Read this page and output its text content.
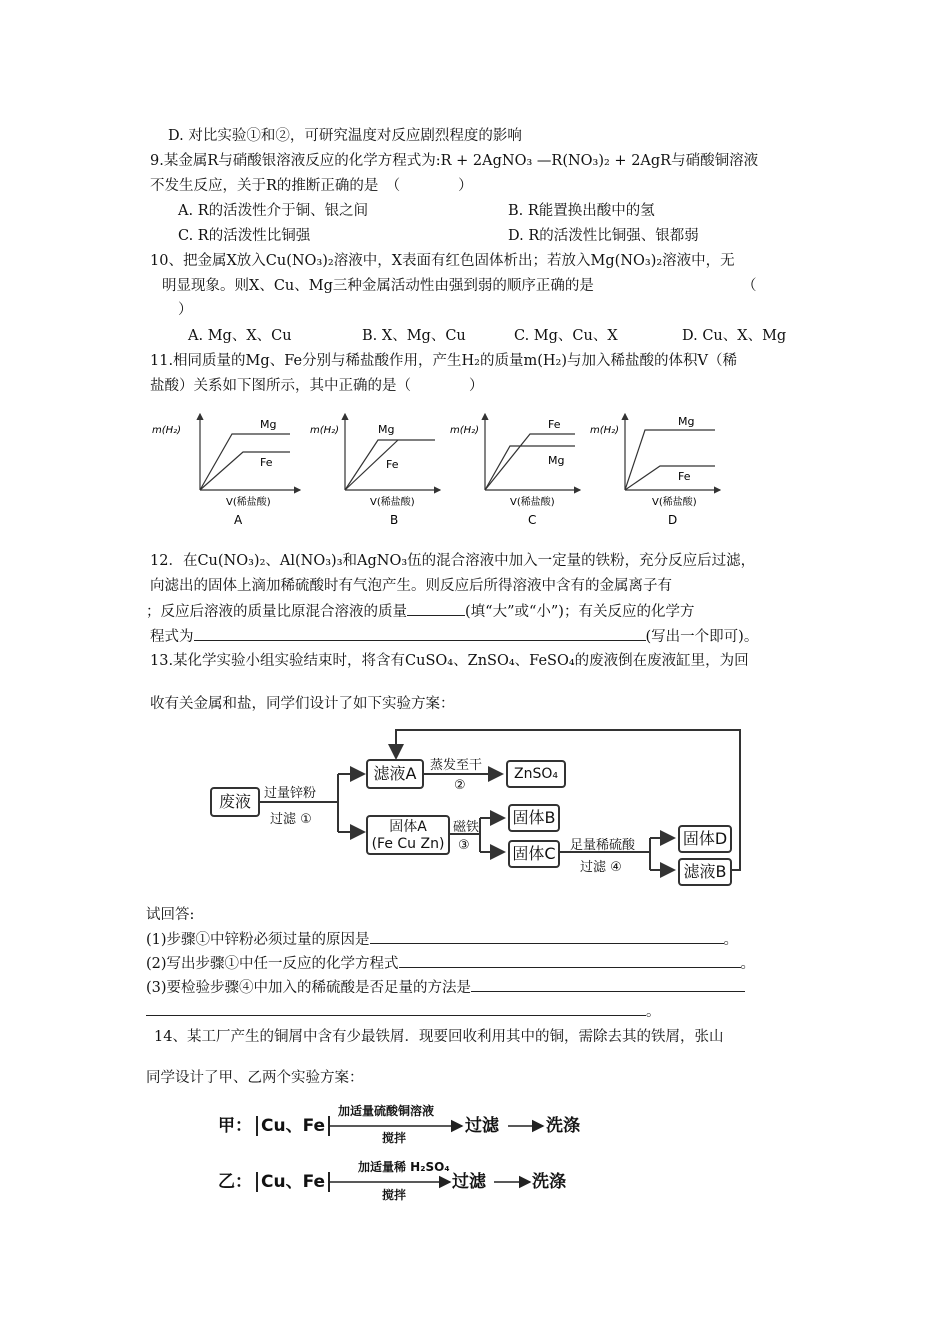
D. 对比实验①和②，可研究温度对反应剧烈程度的影响
9.某金属R与硝酸银溶液反应的化学方程式为:R + 2AgNO₃ —R(NO₃)₂ + 2AgR与硝酸铜溶液
不发生反应，关于R的推断正确的是　（　　　　）
A. R的活泼性介于铜、银之间	B. R能置换出酸中的氢
C. R的活泼性比铜强	D. R的活泼性比铜强、银都弱
10、把金属X放入Cu(NO₃)₂溶液中，X表面有红色固体析出；若放入Mg(NO₃)₂溶液中，无
明显现象。则X、Cu、Mg三种金属活动性由强到弱的顺序正确的是	（
）
A. Mg、X、Cu	B. X、Mg、Cu	C. Mg、Cu、X	D. Cu、X、Mg
11.相同质量的Mg、Fe分别与稀盐酸作用，产生H₂的质量m(H₂)与加入稀盐酸的体积V（稀
盐酸）关系如下图所示，其中正确的是（　　　　）
m(H₂)	Mg
Fe
V(稀盐酸)
A
m(H₂)	Mg
Fe
V(稀盐酸)
B
m(H₂)	Fe
Mg
V(稀盐酸)
C
m(H₂)
Mg
Fe
V(稀盐酸)
D
12．在Cu(NO₃)₂、Al(NO₃)₃和AgNO₃伍的混合溶液中加入一定量的铁粉，充分反应后过滤，
向滤出的固体上滴加稀硫酸时有气泡产生。则反应后所得溶液中含有的金属离子有
；反应后溶液的质量比原混合溶液的质量	(填“大”或“小”)；有关反应的化学方
程式为	(写出一个即可)。
13.某化学实验小组实验结束时，将含有CuSO₄、ZnSO₄、FeSO₄的废液倒在废液缸里，为回
收有关金属和盐，同学们设计了如下实验方案：
废液	过量锌粉
过滤 ①
滤液A	蒸发至干
②
ZnSO₄
固体A
(Fe Cu Zn)
磁铁
③
固体B
固体C	足量稀硫酸
过滤 ④
固体D
滤液B
试回答:
(1)步骤①中锌粉必须过量的原因是	。
(2)写出步骤①中任一反应的化学方程式	。
(3)要检验步骤④中加入的稀硫酸是否足量的方法是
。
14、某工厂产生的铜屑中含有少最铁屑．现要回收利用其中的铜，需除去其的铁屑，张山
同学设计了甲、乙两个实验方案：
甲： Cu、Fe
加适量硫酸铜溶液
搅拌
过滤	洗涤
乙： Cu、Fe
加适量稀 H₂SO₄
搅拌
过滤	洗涤
